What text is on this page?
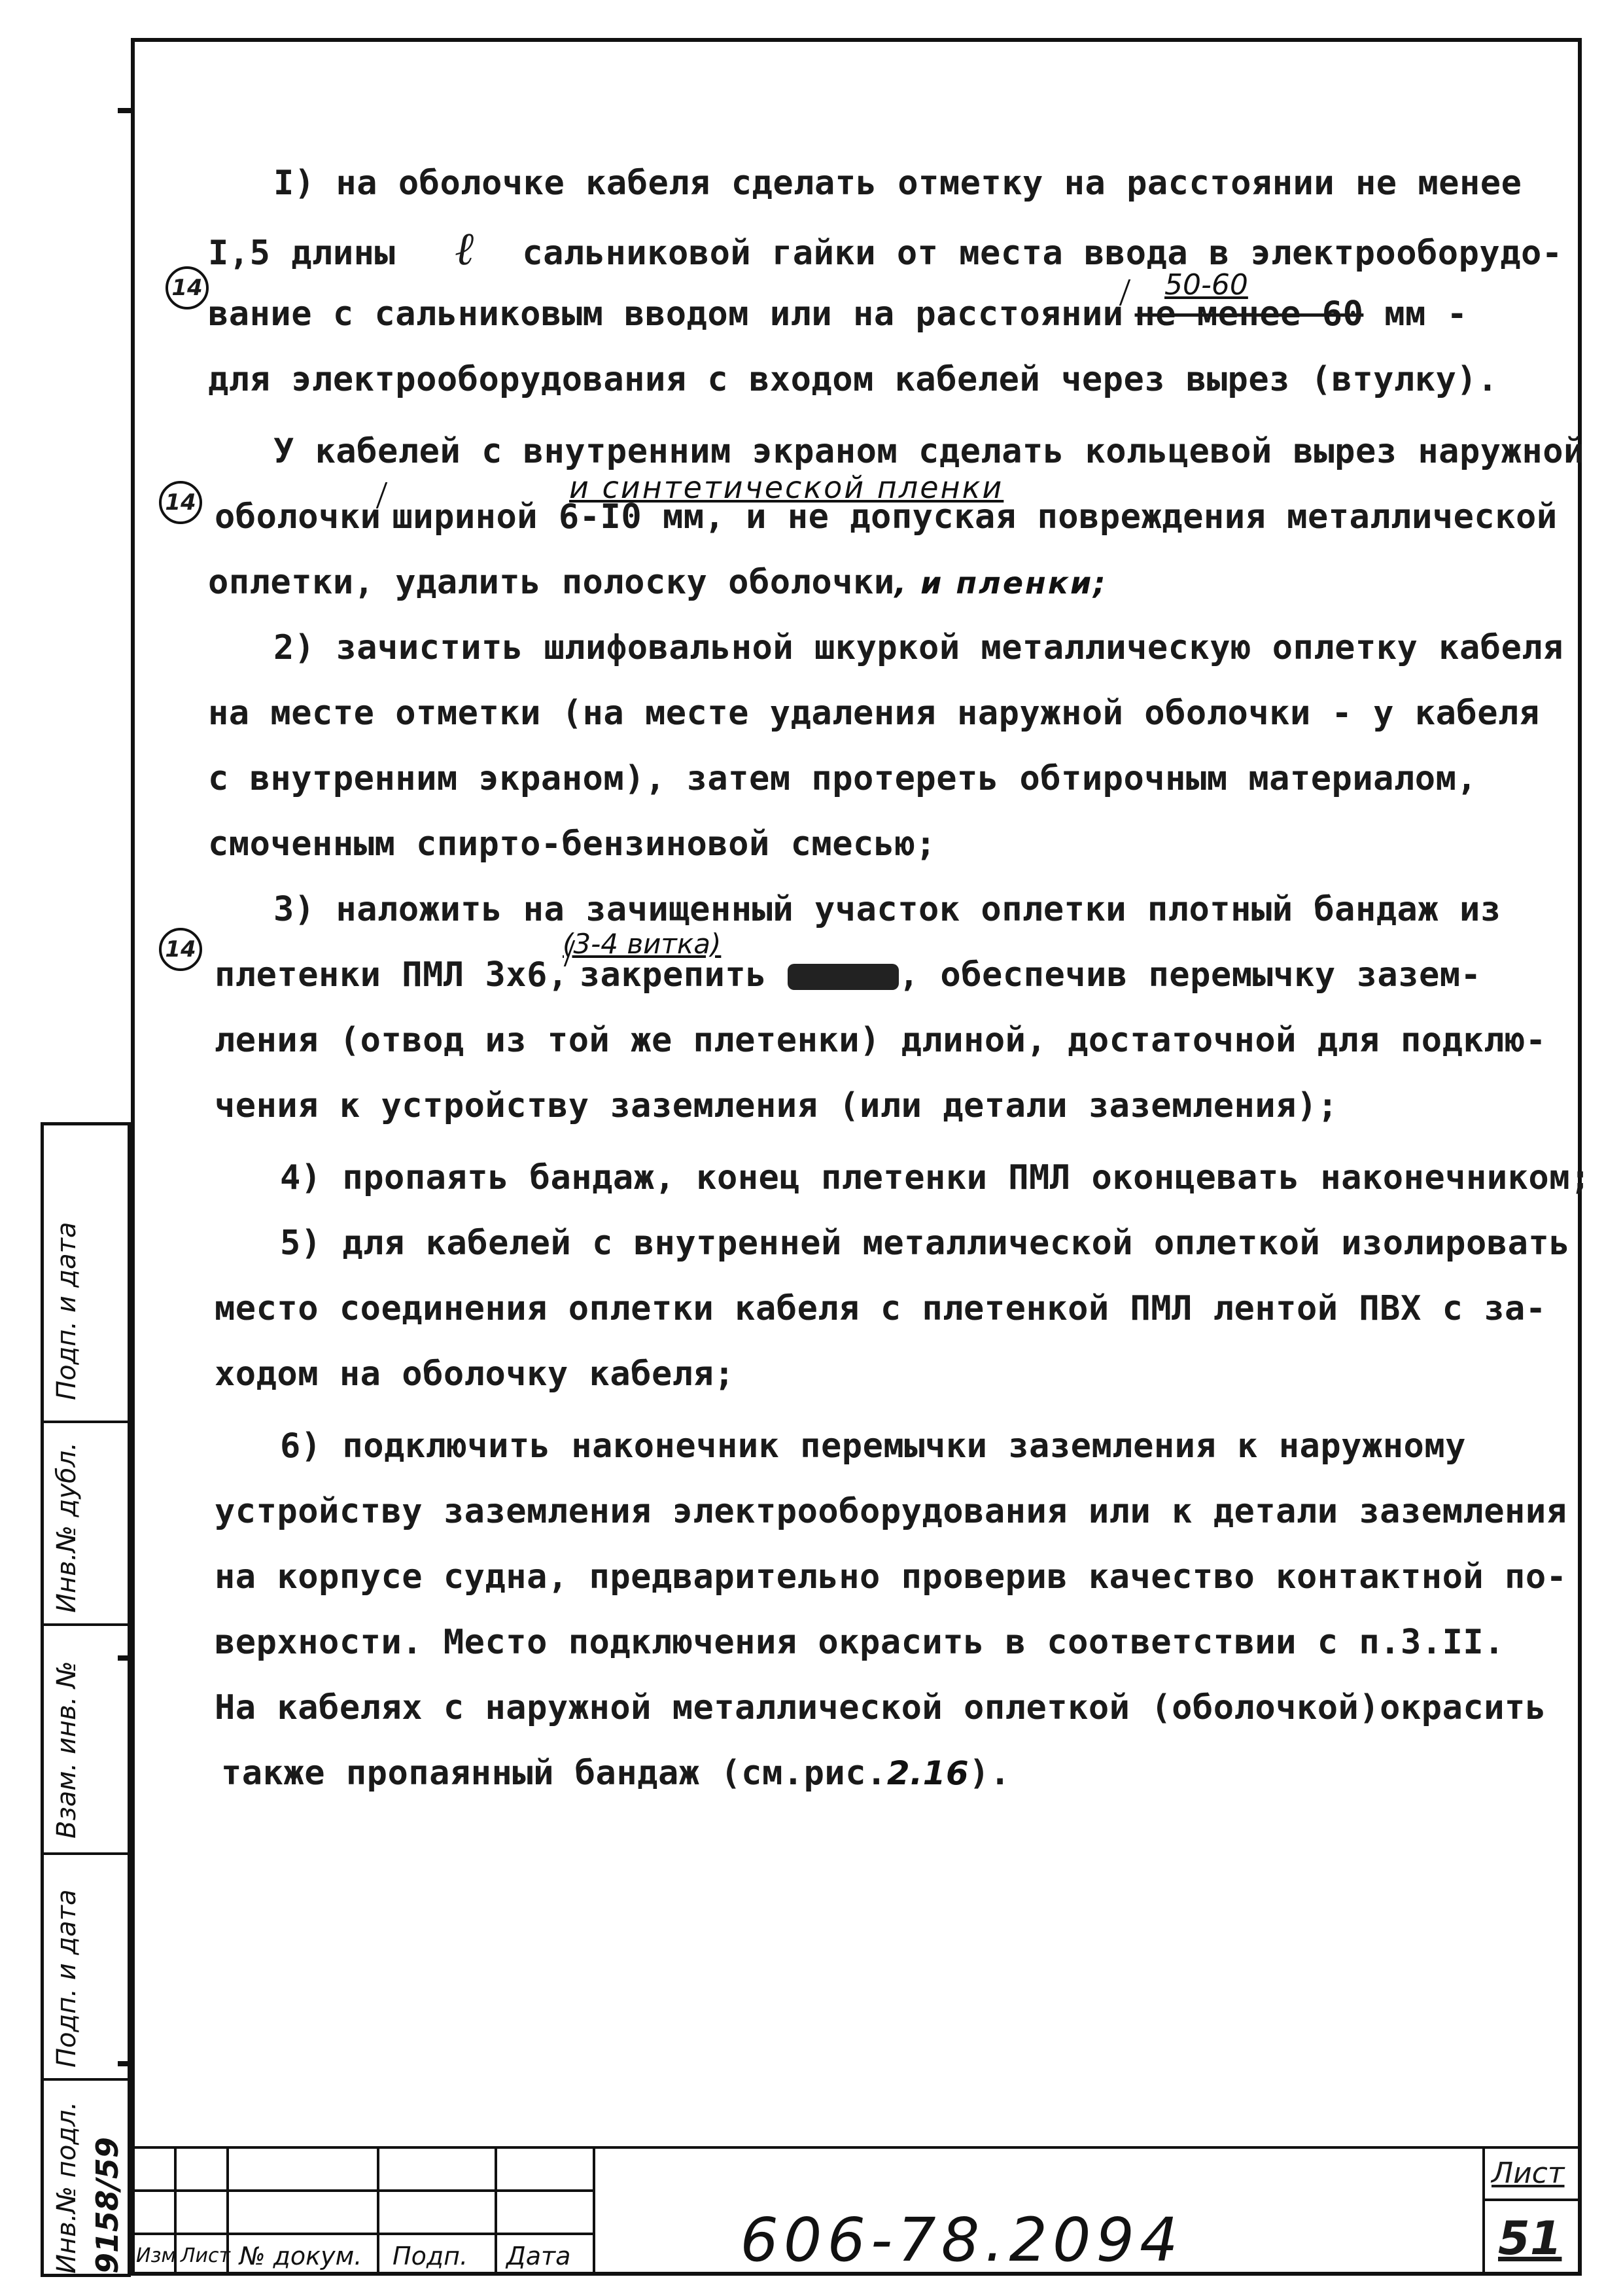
14
14
14
50-60
и синтетической пленки
(3-4 витка)
I) на оболочке кабеля сделать отметку на расстоянии не менее
I,5 длины ℓ сальниковой гайки от места ввода в электрооборудо-
вание с сальниковым вводом или на расстоянии не менее 60 мм -
для электрооборудования с входом кабелей через вырез (втулку).
У кабелей с внутренним экраном сделать кольцевой вырез наружной
оболочки шириной 6-I0 мм, и не допуская повреждения металлической
оплетки, удалить полоску оболочки, и пленки;
2) зачистить шлифовальной шкуркой металлическую оплетку кабеля
на месте отметки (на месте удаления наружной оболочки - у кабеля
с внутренним экраном), затем протереть обтирочным материалом,
смоченным спирто-бензиновой смесью;
3) наложить на зачищенный участок оплетки плотный бандаж из
плетенки ПМЛ 3х6, закрепить	, обеспечив перемычку зазем-
ления (отвод из той же плетенки) длиной, достаточной для подклю-
чения к устройству заземления (или детали заземления);
4) пропаять бандаж, конец плетенки ПМЛ оконцевать наконечником;
5) для кабелей с внутренней металлической оплеткой изолировать
место соединения оплетки кабеля с плетенкой ПМЛ лентой ПВХ с за-
ходом на оболочку кабеля;
6) подключить наконечник перемычки заземления к наружному
устройству заземления электрооборудования или к детали заземления
на корпусе судна, предварительно проверив качество контактной по-
верхности. Место подключения окрасить в соответствии с п.3.II.
На кабелях с наружной металлической оплеткой (оболочкой)окрасить
также пропаянный бандаж (см.рис.2.16).
Подп. и дата
Инв.№ дубл.
Взам. инв. №
Подп. и дата
Инв.№ подл. 9158/59 Изм Лист № докум. Подп. Дата	606-78.2094
Лист
51
